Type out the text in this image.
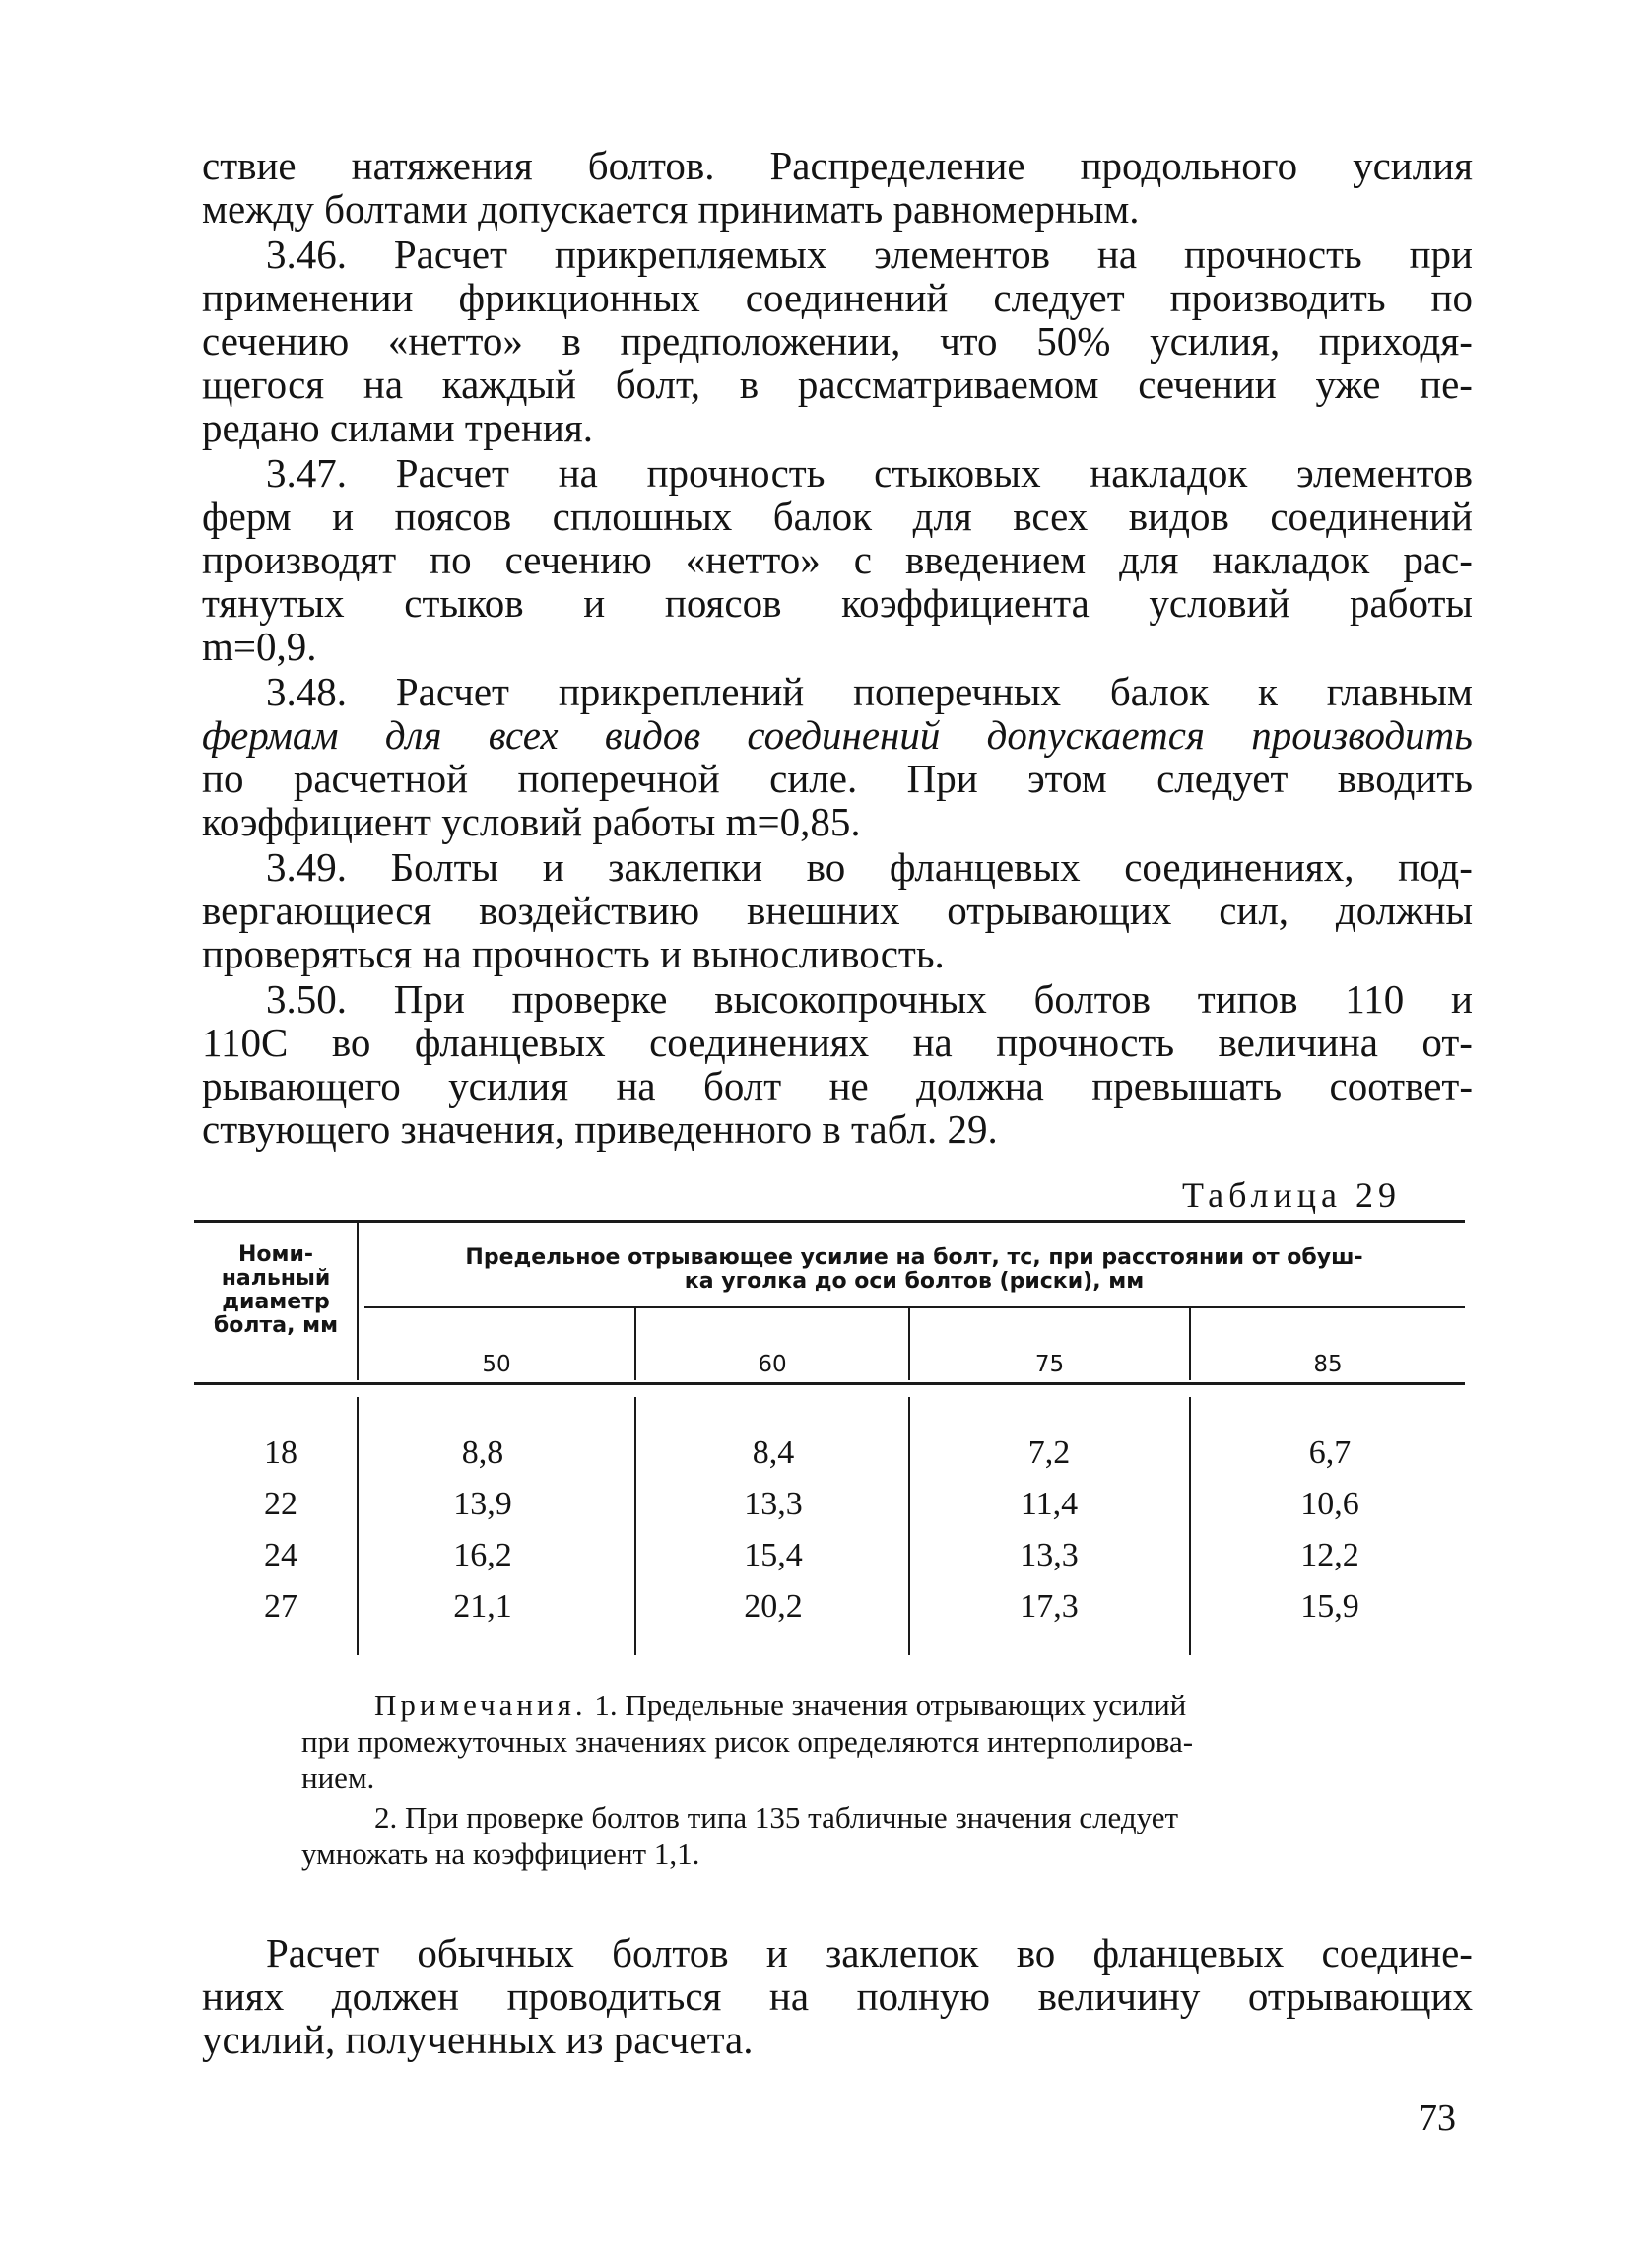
ствие натяжения болтов. Распределение продольного усилия
между болтами допускается принимать равномерным.
3.46. Расчет прикрепляемых элементов на прочность при
применении фрикционных соединений следует производить по
сечению «нетто» в предположении, что 50% усилия, приходя-
щегося на каждый болт, в рассматриваемом сечении уже пе-
редано силами трения.
3.47. Расчет на прочность стыковых накладок элементов
ферм и поясов сплошных балок для всех видов соединений
производят по сечению «нетто» с введением для накладок рас-
тянутых стыков и поясов коэффициента условий работы
m=0,9.
3.48. Расчет прикреплений поперечных балок к главным
фермам для всех видов соединений допускается производить
по расчетной поперечной силе. При этом следует вводить
коэффициент условий работы m=0,85.
3.49. Болты и заклепки во фланцевых соединениях, под-
вергающиеся воздействию внешних отрывающих сил, должны
проверяться на прочность и выносливость.
3.50. При проверке высокопрочных болтов типов 110 и
110С во фланцевых соединениях на прочность величина от-
рывающего усилия на болт не должна превышать соответ-
ствующего значения, приведенного в табл. 29.
Таблица 29
Номи-
нальный
диаметр
болта, мм
Предельное отрывающее усилие на болт, тс, при расстоянии от обуш-
ка уголка до оси болтов (риски), мм
50	60	75	85
18	8,8	8,4	7,2	6,7
22	13,9	13,3	11,4	10,6
24	16,2	15,4	13,3	12,2
27	21,1	20,2	17,3	15,9
Примечания. 1. Предельные значения отрывающих усилий
при промежуточных значениях рисок определяются интерполирова-
нием.
2. При проверке болтов типа 135 табличные значения следует
умножать на коэффициент 1,1.
Расчет обычных болтов и заклепок во фланцевых соедине-
ниях должен проводиться на полную величину отрывающих
усилий, полученных из расчета.
73
